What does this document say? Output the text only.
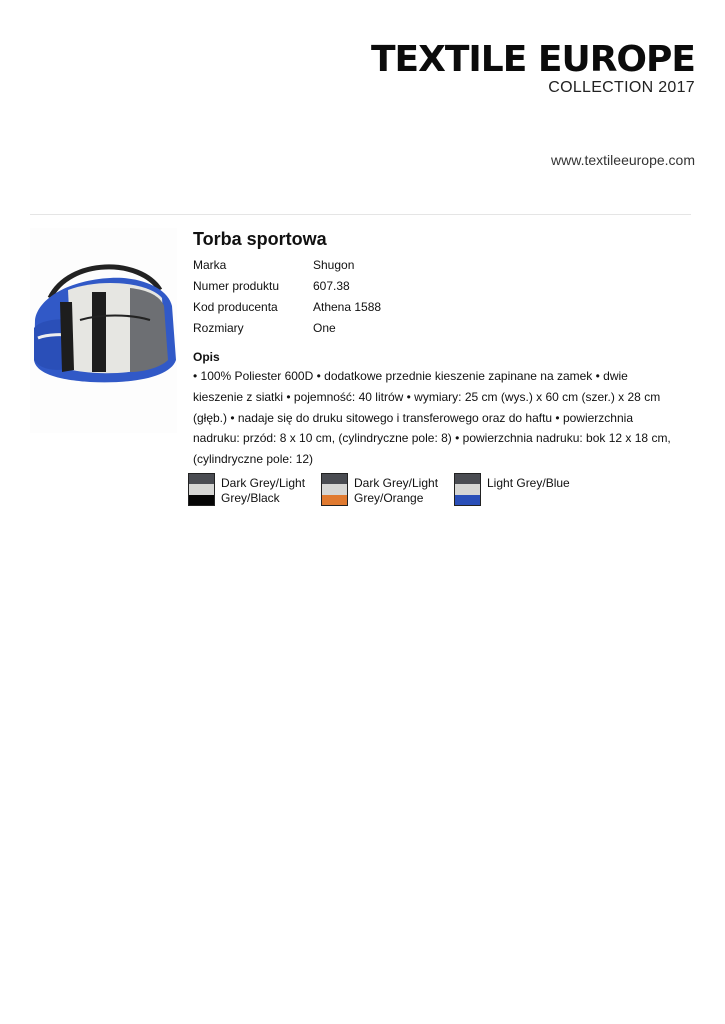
TEXTILE EUROPE
COLLECTION 2017
www.textileeurope.com
Torba sportowa
Marka	Shugon
Numer produktu	607.38
Kod producenta	Athena 1588
Rozmiary	One
Opis
• 100% Poliester 600D • dodatkowe przednie kieszenie zapinane na zamek • dwie kieszenie z siatki • pojemność: 40 litrów • wymiary: 25 cm (wys.) x 60 cm (szer.) x 28 cm (głęb.) • nadaje się do druku sitowego i transferowego oraz do haftu • powierzchnia nadruku: przód: 8 x 10 cm, (cylindryczne pole: 8) • powierzchnia nadruku: bok 12 x 18 cm, (cylindryczne pole: 12)
Dark Grey/Light
Grey/Black
Dark Grey/Light
Grey/Orange
Light Grey/Blue
